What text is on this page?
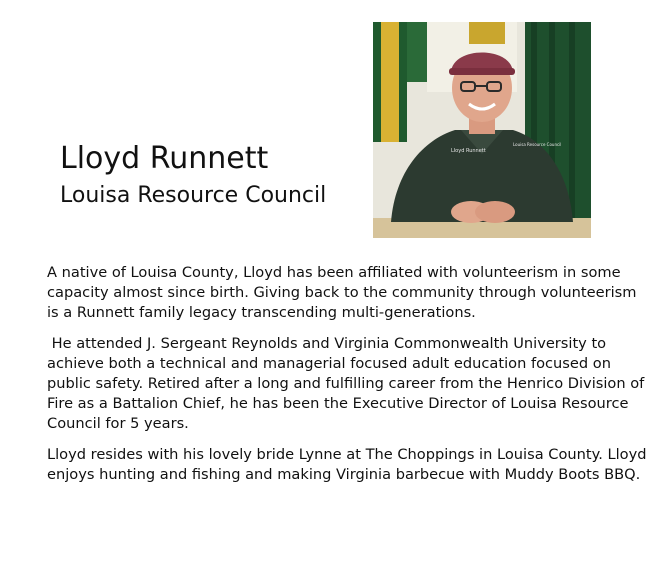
Lloyd Runnett
Louisa Resource Council
Lloyd Runnett
Louisa Resource Council

A native of Louisa County, Lloyd has been affiliated with volunteerism in some capacity almost since birth. Giving back to the community through volunteerism is a Runnett family legacy transcending multi-generations.

He attended J. Sergeant Reynolds and Virginia Commonwealth University to achieve both a technical and managerial focused adult education focused on public safety. Retired after a long and fulfilling career from the Henrico Division of Fire as a Battalion Chief, he has been the Executive Director of Louisa Resource Council for 5 years.

Lloyd resides with his lovely bride Lynne at The Choppings in Louisa County. Lloyd enjoys hunting and fishing and making Virginia barbecue with Muddy Boots BBQ.
